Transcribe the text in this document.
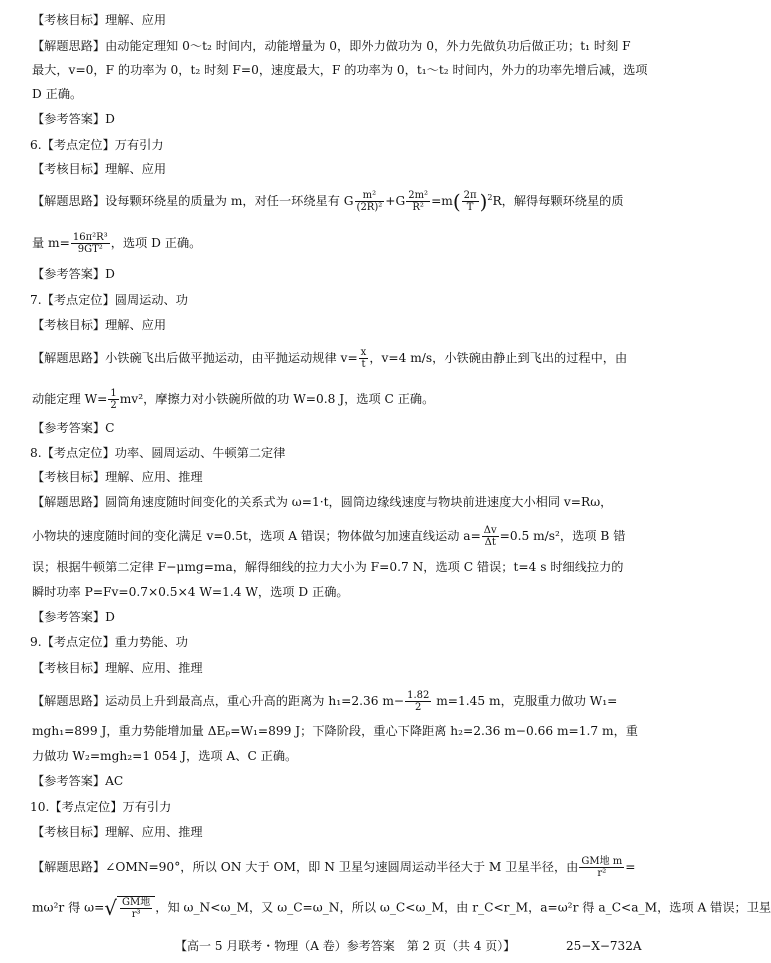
【考核目标】理解、应用
【解题思路】由动能定理知 0～t₂ 时间内，动能增量为 0，即外力做功为 0，外力先做负功后做正功；t₁ 时刻 F
最大，v=0，F 的功率为 0，t₂ 时刻 F=0，速度最大，F 的功率为 0，t₁～t₂ 时间内，外力的功率先增后减，选项
D 正确。
【参考答案】D
6.【考点定位】万有引力
【考核目标】理解、应用
【解题思路】设每颗环绕星的质量为 m，对任一环绕星有 G $\frac{\text{m²}}{\text{(2R)²}} +G \frac{\text{2m²}}{\text{R²}} =m( \frac{2\pi}{T} )^2R$，解得每颗环绕星的质
量 $m= \frac{\text{16π²R³}}{\text{9GT²}}$ ，选项 D 正确。
【参考答案】D
7.【考点定位】圆周运动、功
【考核目标】理解、应用
【解题思路】小铁碗飞出后做平抛运动，由平抛运动规律 $v= \frac{x}{t}$ ，v=4 m/s，小铁碗由静止到飞出的过程中，由
动能定理 $W= \frac{1}{2} mv^2$，摩擦力对小铁碗所做的功 W=0.8 J，选项 C 正确。
【参考答案】C
8.【考点定位】功率、圆周运动、牛顿第二定律
【考核目标】理解、应用、推理
【解题思路】圆筒角速度随时间变化的关系式为 ω=1·t，圆筒边缘线速度与物块前进速度大小相同 v=Rω，
小物块的速度随时间的变化满足 v=0.5t，选项 A 错误；物体做匀加速直线运动 $a= \frac{\Delta v}{\Delta t} =0.5$ m/s²，选项 B 错
误；根据牛顿第二定律 F−μmg=ma，解得细线的拉力大小为 F=0.7 N，选项 C 错误；t=4 s 时细线拉力的
瞬时功率 P=Fv=0.7×0.5×4 W=1.4 W，选项 D 正确。
【参考答案】D
9.【考点定位】重力势能、功
【考核目标】理解、应用、推理
【解题思路】运动员上升到最高点，重心升高的距离为 h₁=2.36 $m- \frac{1.82}{2} m=1.45$ m，克服重力做功 W₁=
mgh₁=899 J，重力势能增加量 ΔEₚ=W₁=899 J；下降阶段，重心下降距离 h₂=2.36 m−0.66 m=1.7 m，重
力做功 W₂=mgh₂=1 054 J，选项 A、C 正确。
【参考答案】AC
10.【考点定位】万有引力
【考核目标】理解、应用、推理
【解题思路】∠OMN=90°，所以 ON 大于 OM，即 N 卫星匀速圆周运动半径大于 M 卫星半径，由 $\frac{\text{GM地 m}}{\text{r²}}$ =
mω²r 得 $\omega=√ \frac{\text{GM地}}{\text{r³}}$ ，知 ω_N<ω_M，又 ω_C=ω_N，所以 ω_C<ω_M，由 r_C<r_M，a=ω²r 得 a_C<a_M，选项 A 错误；卫星
【高一 5 月联考・物理（A 卷）参考答案　第 2 页（共 4 页）】	25−X−732A
